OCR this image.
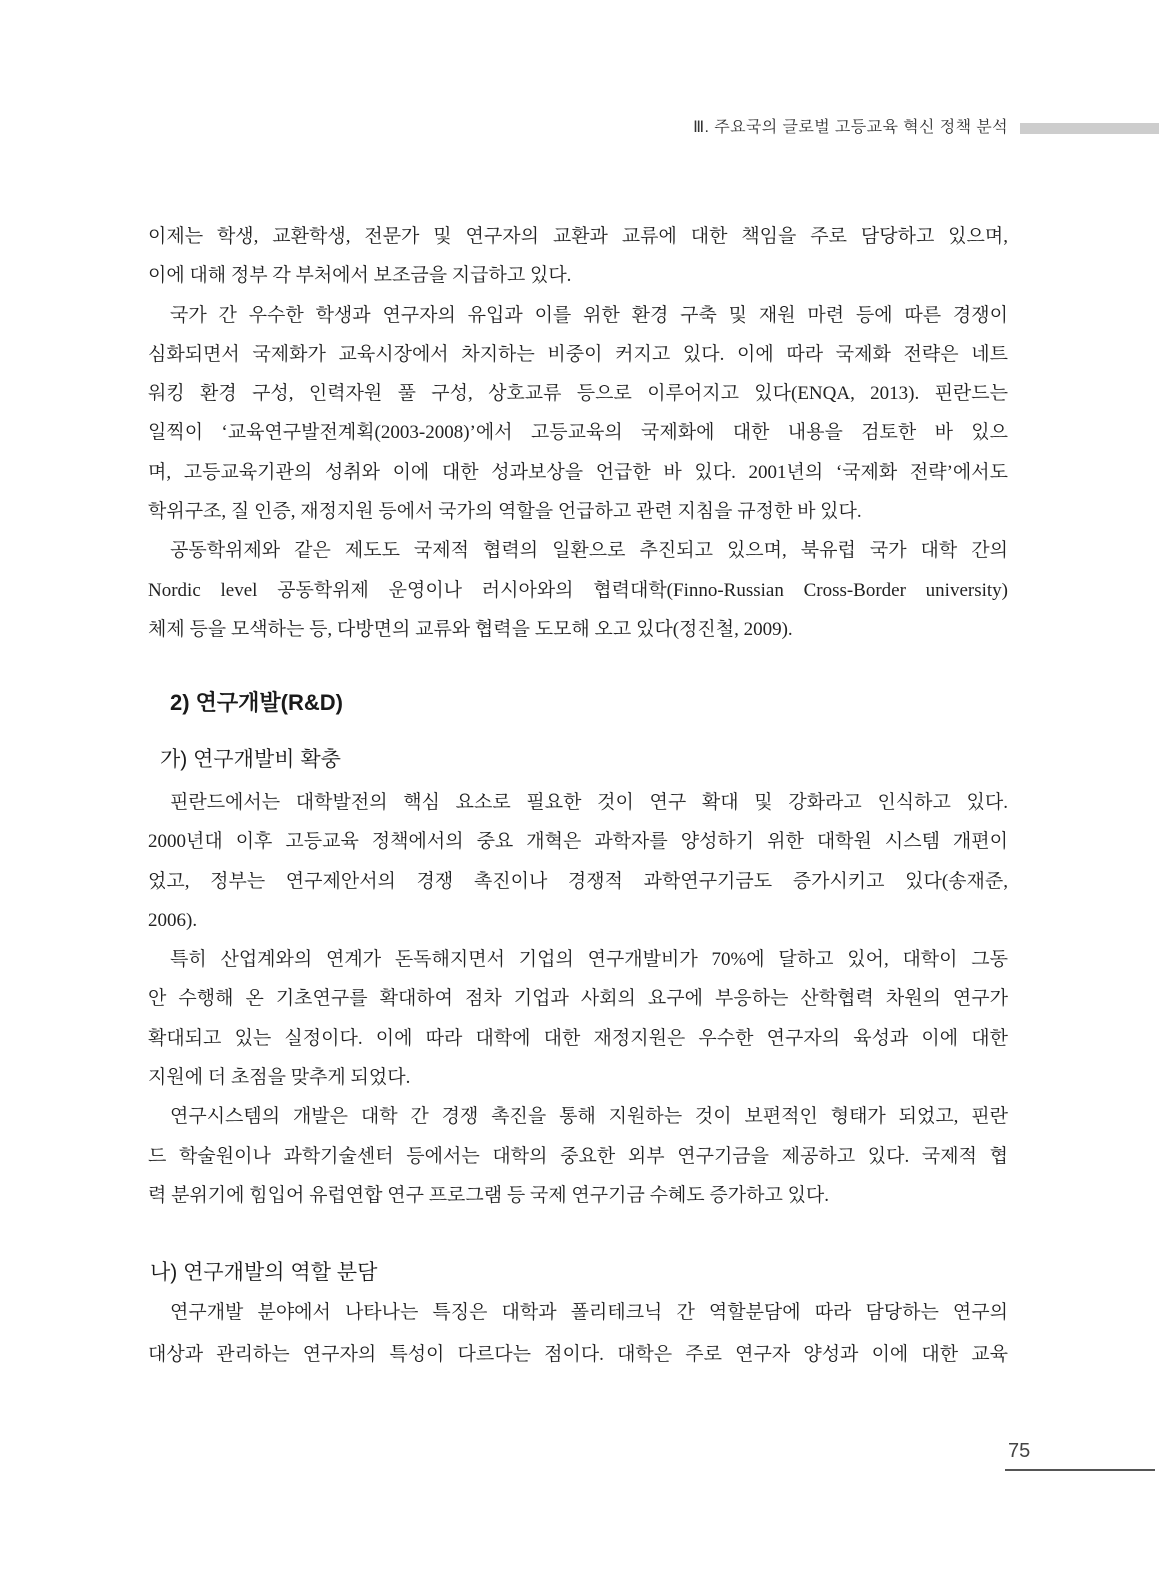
Ⅲ. 주요국의 글로벌 고등교육 혁신 정책 분석
이제는 학생, 교환학생, 전문가 및 연구자의 교환과 교류에 대한 책임을 주로 담당하고 있으며,
이에 대해 정부 각 부처에서 보조금을 지급하고 있다.
국가 간 우수한 학생과 연구자의 유입과 이를 위한 환경 구축 및 재원 마련 등에 따른 경쟁이
심화되면서 국제화가 교육시장에서 차지하는 비중이 커지고 있다. 이에 따라 국제화 전략은 네트
워킹 환경 구성, 인력자원 풀 구성, 상호교류 등으로 이루어지고 있다(ENQA, 2013). 핀란드는
일찍이 ‘교육연구발전계획(2003-2008)’에서 고등교육의 국제화에 대한 내용을 검토한 바 있으
며, 고등교육기관의 성취와 이에 대한 성과보상을 언급한 바 있다. 2001년의 ‘국제화 전략’에서도
학위구조, 질 인증, 재정지원 등에서 국가의 역할을 언급하고 관련 지침을 규정한 바 있다.
공동학위제와 같은 제도도 국제적 협력의 일환으로 추진되고 있으며, 북유럽 국가 대학 간의
Nordic level 공동학위제 운영이나 러시아와의 협력대학(Finno-Russian Cross-Border university)
체제 등을 모색하는 등, 다방면의 교류와 협력을 도모해 오고 있다(정진철, 2009).
2) 연구개발(R&D)
가) 연구개발비 확충
핀란드에서는 대학발전의 핵심 요소로 필요한 것이 연구 확대 및 강화라고 인식하고 있다.
2000년대 이후 고등교육 정책에서의 중요 개혁은 과학자를 양성하기 위한 대학원 시스템 개편이
었고, 정부는 연구제안서의 경쟁 촉진이나 경쟁적 과학연구기금도 증가시키고 있다(송재준,
2006).
특히 산업계와의 연계가 돈독해지면서 기업의 연구개발비가 70%에 달하고 있어, 대학이 그동
안 수행해 온 기초연구를 확대하여 점차 기업과 사회의 요구에 부응하는 산학협력 차원의 연구가
확대되고 있는 실정이다. 이에 따라 대학에 대한 재정지원은 우수한 연구자의 육성과 이에 대한
지원에 더 초점을 맞추게 되었다.
연구시스템의 개발은 대학 간 경쟁 촉진을 통해 지원하는 것이 보편적인 형태가 되었고, 핀란
드 학술원이나 과학기술센터 등에서는 대학의 중요한 외부 연구기금을 제공하고 있다. 국제적 협
력 분위기에 힘입어 유럽연합 연구 프로그램 등 국제 연구기금 수혜도 증가하고 있다.
나) 연구개발의 역할 분담
연구개발 분야에서 나타나는 특징은 대학과 폴리테크닉 간 역할분담에 따라 담당하는 연구의
대상과 관리하는 연구자의 특성이 다르다는 점이다. 대학은 주로 연구자 양성과 이에 대한 교육
75
